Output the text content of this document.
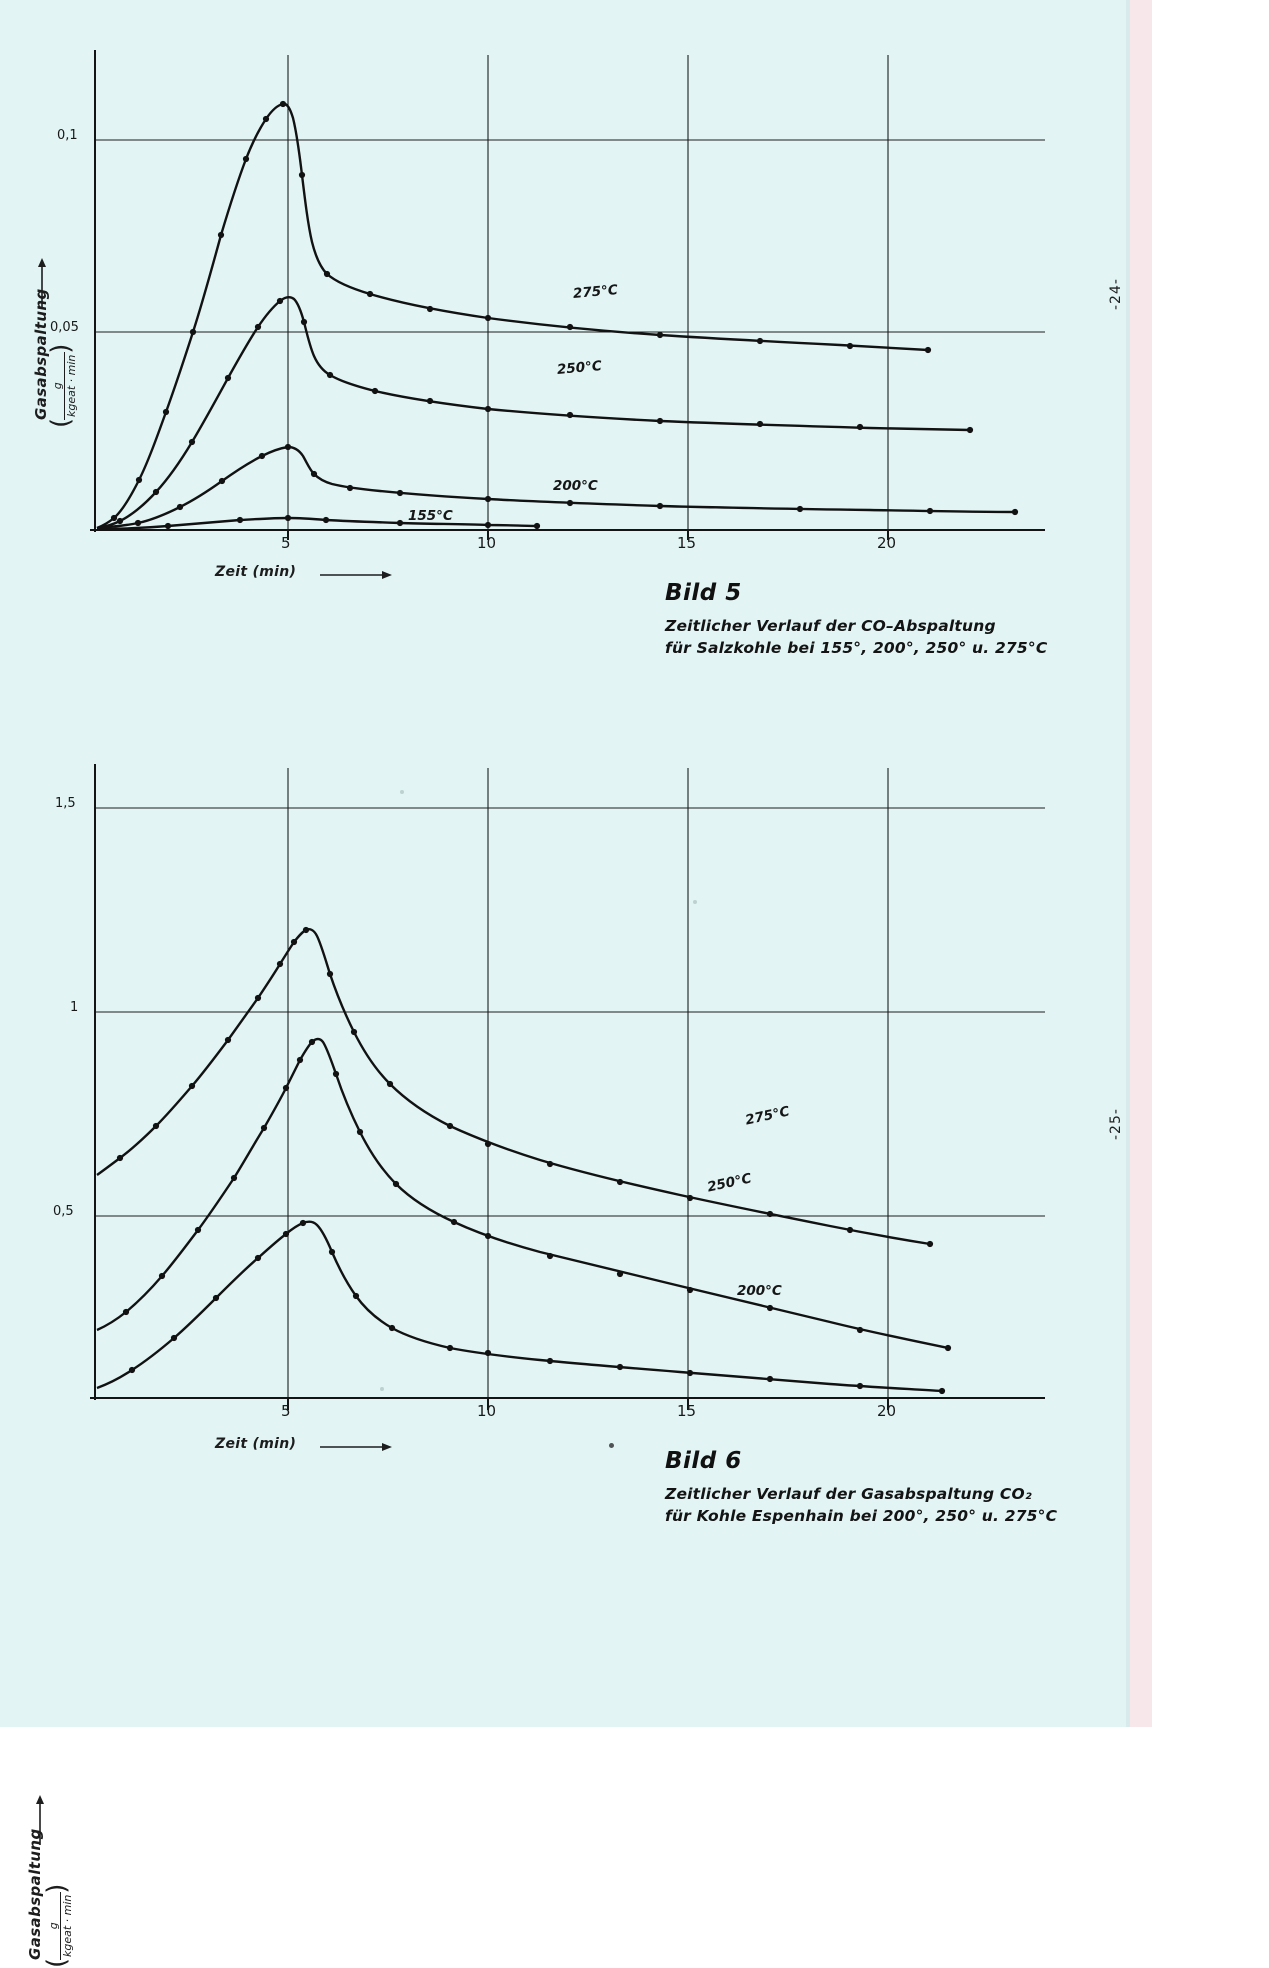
Gasabspaltung
(
g kgeat · min
)
0,1
0,05
5	10	15	20
Zeit (min)
275°C
250°C
200°C
155°C
Bild 5
Zeitlicher Verlauf der CO–Abspaltung
für Salzkohle bei 155°, 200°, 250° u. 275°C
Gasabspaltung
(
g kgeat · min
)
1,5
1
0,5
5	10	15	20
Zeit (min)
275°C
250°C
200°C
Bild 6
Zeitlicher Verlauf der Gasabspaltung CO₂
für Kohle Espenhain bei 200°, 250° u. 275°C
-24-
-25-
